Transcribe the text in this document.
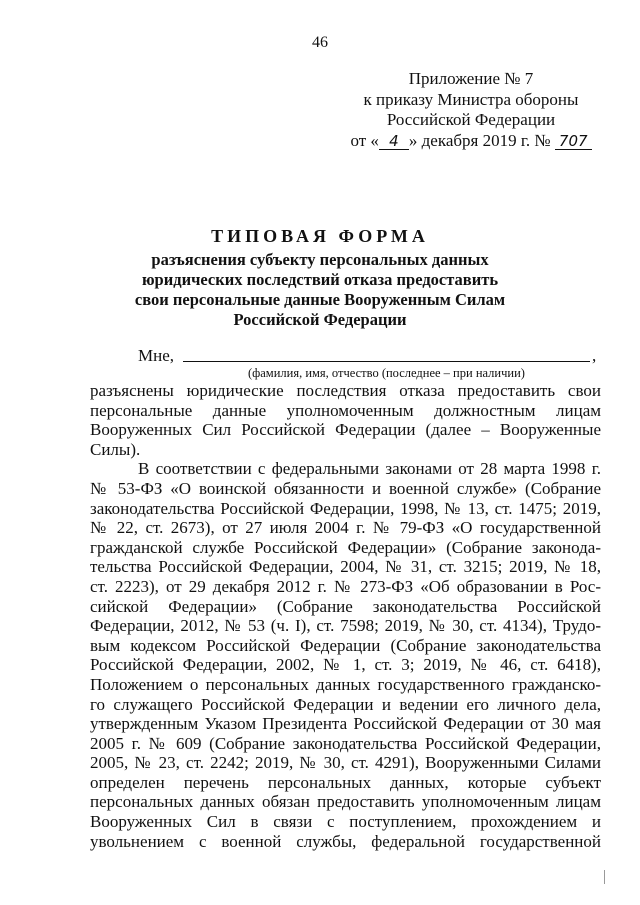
46
Приложение № 7
к приказу Министра обороны
Российской Федерации
от « 4 » декабря 2019 г. № 707
ТИПОВАЯ ФОРМА
разъяснения субъекту персональных данных
юридических последствий отказа предоставить
свои персональные данные Вооруженным Силам
Российской Федерации
Мне,	,
(фамилия, имя, отчество (последнее – при наличии)
разъяснены юридические последствия отказа предоставить свои
персональные данные уполномоченным должностным лицам
Вооруженных Сил Российской Федерации (далее – Вооруженные
Силы).
В соответствии с федеральными законами от 28 марта 1998 г.
№ 53-ФЗ «О воинской обязанности и военной службе» (Собрание
законодательства Российской Федерации, 1998, № 13, ст. 1475; 2019,
№ 22, ст. 2673), от 27 июля 2004 г. № 79-ФЗ «О государственной
гражданской службе Российской Федерации» (Собрание законода-
тельства Российской Федерации, 2004, № 31, ст. 3215; 2019, № 18,
ст. 2223), от 29 декабря 2012 г. № 273-ФЗ «Об образовании в Рос-
сийской Федерации» (Собрание законодательства Российской
Федерации, 2012, № 53 (ч. I), ст. 7598; 2019, № 30, ст. 4134), Трудо-
вым кодексом Российской Федерации (Собрание законодательства
Российской Федерации, 2002, № 1, ст. 3; 2019, № 46, ст. 6418),
Положением о персональных данных государственного гражданско-
го служащего Российской Федерации и ведении его личного дела,
утвержденным Указом Президента Российской Федерации от 30 мая
2005 г. № 609 (Собрание законодательства Российской Федерации,
2005, № 23, ст. 2242; 2019, № 30, ст. 4291), Вооруженными Силами
определен перечень персональных данных, которые субъект
персональных данных обязан предоставить уполномоченным лицам
Вооруженных Сил в связи с поступлением, прохождением и
увольнением с военной службы, федеральной государственной
